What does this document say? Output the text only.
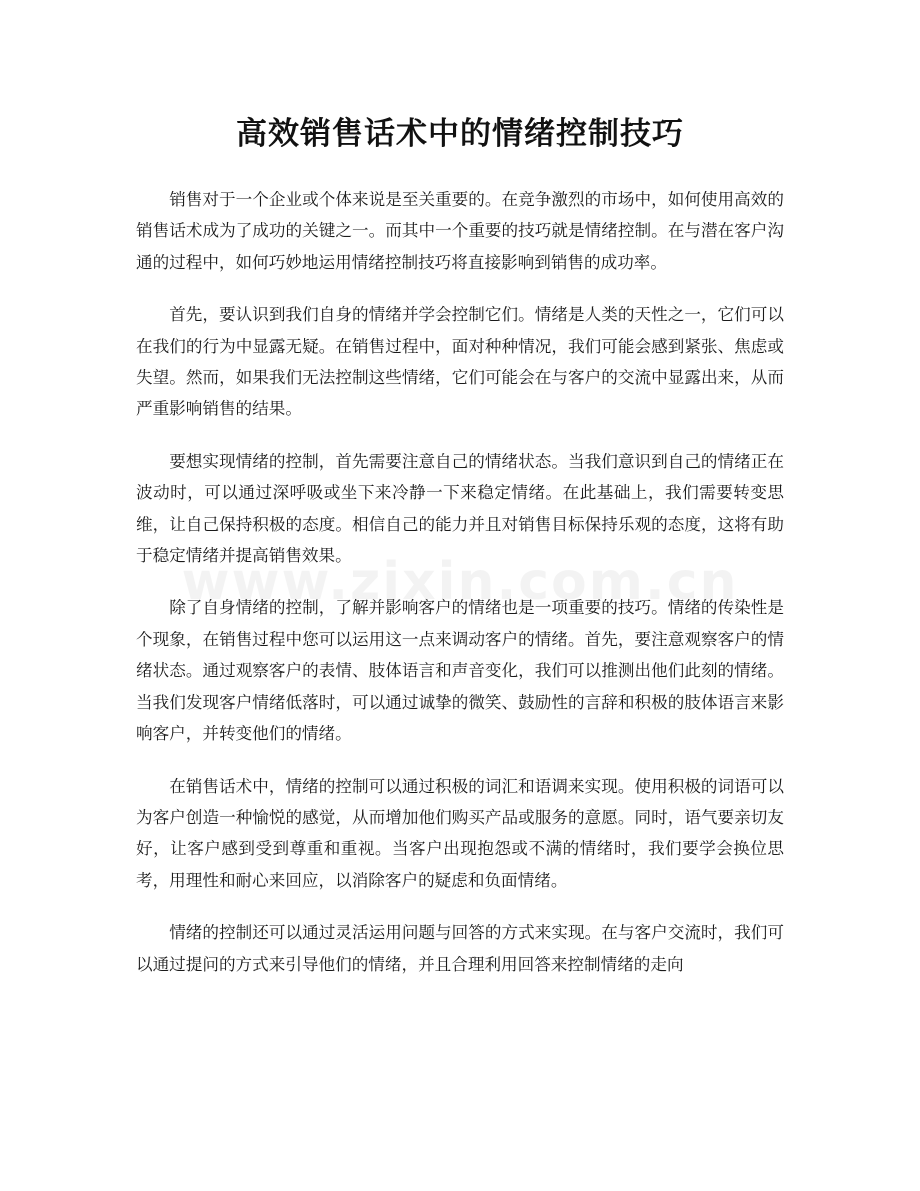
高效销售话术中的情绪控制技巧

销售对于一个企业或个体来说是至关重要的。在竞争激烈的市场中，如何使用高效的销售话术成为了成功的关键之一。而其中一个重要的技巧就是情绪控制。在与潜在客户沟通的过程中，如何巧妙地运用情绪控制技巧将直接影响到销售的成功率。

首先，要认识到我们自身的情绪并学会控制它们。情绪是人类的天性之一，它们可以在我们的行为中显露无疑。在销售过程中，面对种种情况，我们可能会感到紧张、焦虑或失望。然而，如果我们无法控制这些情绪，它们可能会在与客户的交流中显露出来，从而严重影响销售的结果。

要想实现情绪的控制，首先需要注意自己的情绪状态。当我们意识到自己的情绪正在波动时，可以通过深呼吸或坐下来冷静一下来稳定情绪。在此基础上，我们需要转变思维，让自己保持积极的态度。相信自己的能力并且对销售目标保持乐观的态度，这将有助于稳定情绪并提高销售效果。

除了自身情绪的控制，了解并影响客户的情绪也是一项重要的技巧。情绪的传染性是个现象，在销售过程中您可以运用这一点来调动客户的情绪。首先，要注意观察客户的情绪状态。通过观察客户的表情、肢体语言和声音变化，我们可以推测出他们此刻的情绪。当我们发现客户情绪低落时，可以通过诚挚的微笑、鼓励性的言辞和积极的肢体语言来影响客户，并转变他们的情绪。

在销售话术中，情绪的控制可以通过积极的词汇和语调来实现。使用积极的词语可以为客户创造一种愉悦的感觉，从而增加他们购买产品或服务的意愿。同时，语气要亲切友好，让客户感到受到尊重和重视。当客户出现抱怨或不满的情绪时，我们要学会换位思考，用理性和耐心来回应，以消除客户的疑虑和负面情绪。

情绪的控制还可以通过灵活运用问题与回答的方式来实现。在与客户交流时，我们可以通过提问的方式来引导他们的情绪，并且合理利用回答来控制情绪的走向
